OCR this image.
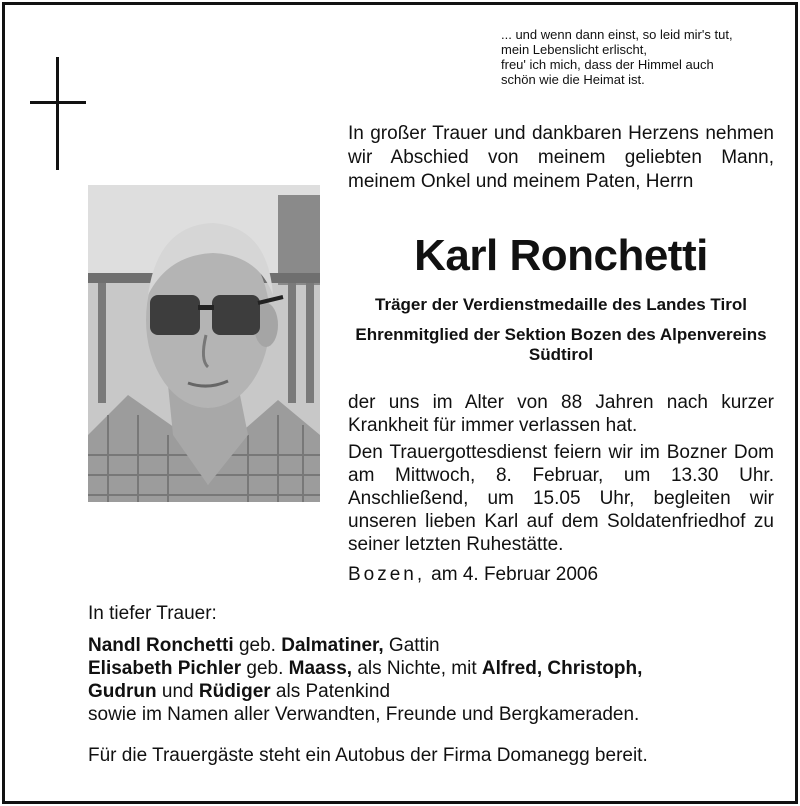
... und wenn dann einst, so leid mir's tut,
mein Lebenslicht erlischt,
freu' ich mich, dass der Himmel auch
schön wie die Heimat ist.
In großer Trauer und dankbaren Herzens nehmen wir Abschied von meinem geliebten Mann, meinem Onkel und meinem Paten, Herrn
Karl Ronchetti
Träger der Verdienstmedaille des Landes Tirol
Ehrenmitglied der Sektion Bozen des Alpenvereins Südtirol
der uns im Alter von 88 Jahren nach kurzer Krankheit für immer verlassen hat.
Den Trauergottesdienst feiern wir im Bozner Dom am Mittwoch, 8. Februar, um 13.30 Uhr. Anschließend, um 15.05 Uhr, begleiten wir unseren lieben Karl auf dem Soldatenfriedhof zu seiner letzten Ruhestätte.
Bozen, am 4. Februar 2006
In tiefer Trauer:
Nandl Ronchetti geb. Dalmatiner, Gattin
Elisabeth Pichler geb. Maass, als Nichte, mit Alfred, Christoph,
Gudrun und Rüdiger als Patenkind
sowie im Namen aller Verwandten, Freunde und Bergkameraden.
Für die Trauergäste steht ein Autobus der Firma Domanegg bereit.
